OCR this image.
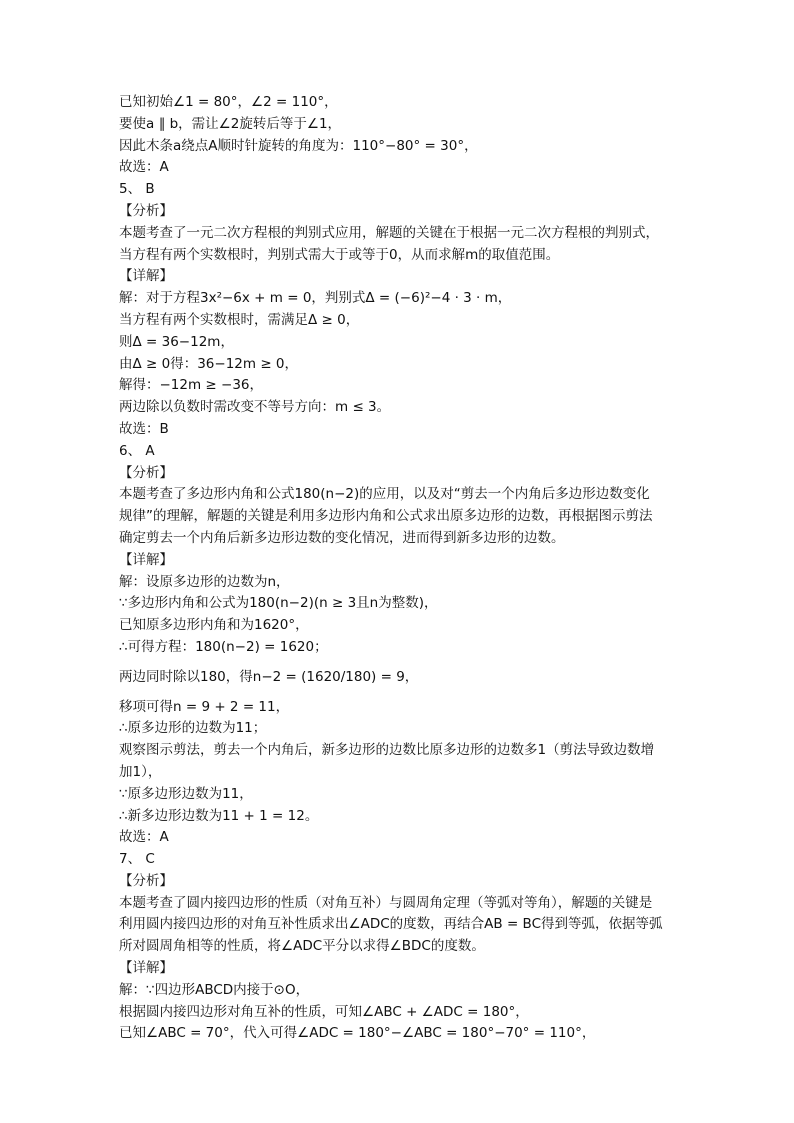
已知初始∠1 = 80°，∠2 = 110°，
要使a ∥ b，需让∠2旋转后等于∠1，
因此木条a绕点A顺时针旋转的角度为：110°−80° = 30°，
故选：A
5、 B
【分析】
本题考查了一元二次方程根的判别式应用，解题的关键在于根据一元二次方程根的判别式，
当方程有两个实数根时，判别式需大于或等于0，从而求解m的取值范围。
【详解】
解：对于方程3x²−6x + m = 0，判别式Δ = (−6)²−4 · 3 · m，
当方程有两个实数根时，需满足Δ ≥ 0，
则Δ = 36−12m，
由Δ ≥ 0得：36−12m ≥ 0，
解得：−12m ≥ −36，
两边除以负数时需改变不等号方向：m ≤ 3。
故选：B
6、 A
【分析】
本题考查了多边形内角和公式180(n−2)的应用，以及对“剪去一个内角后多边形边数变化
规律”的理解，解题的关键是利用多边形内角和公式求出原多边形的边数，再根据图示剪法
确定剪去一个内角后新多边形边数的变化情况，进而得到新多边形的边数。
【详解】
解：设原多边形的边数为n，
∵多边形内角和公式为180(n−2)(n ≥ 3且n为整数)，
已知原多边形内角和为1620°，
∴可得方程：180(n−2) = 1620；
两边同时除以180，得n−2 = (1620/180) = 9，
移项可得n = 9 + 2 = 11，
∴原多边形的边数为11；
观察图示剪法，剪去一个内角后，新多边形的边数比原多边形的边数多1（剪法导致边数增
加1），
∵原多边形边数为11，
∴新多边形边数为11 + 1 = 12。
故选：A
7、 C
【分析】
本题考查了圆内接四边形的性质（对角互补）与圆周角定理（等弧对等角），解题的关键是
利用圆内接四边形的对角互补性质求出∠ADC的度数，再结合AB = BC得到等弧，依据等弧
所对圆周角相等的性质，将∠ADC平分以求得∠BDC的度数。
【详解】
解：∵四边形ABCD内接于⊙O，
根据圆内接四边形对角互补的性质，可知∠ABC + ∠ADC = 180°，
已知∠ABC = 70°，代入可得∠ADC = 180°−∠ABC = 180°−70° = 110°，
